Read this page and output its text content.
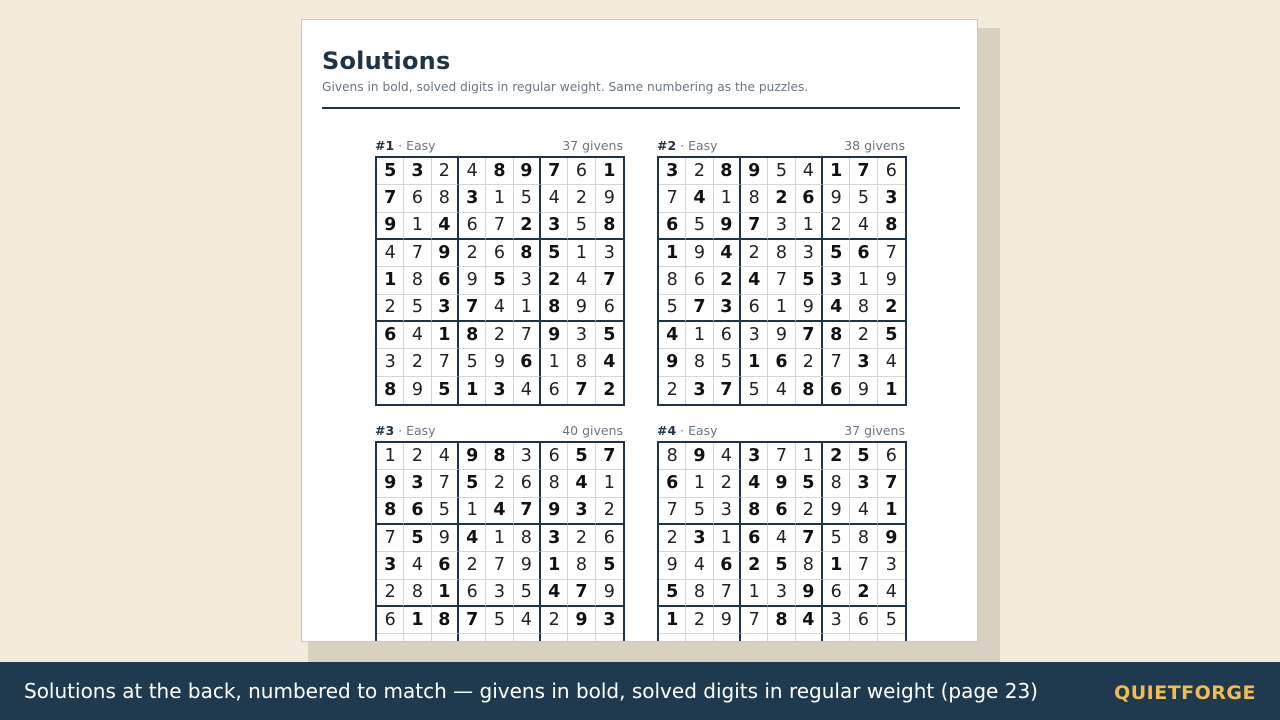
Solutions
Givens in bold, solved digits in regular weight. Same numbering as the puzzles.
#1 · Easy	37 givens
5 3 2 4 8 9 7 6 1
7 6 8 3 1 5 4 2 9
9 1 4 6 7 2 3 5 8
4 7 9 2 6 8 5 1 3
1 8 6 9 5 3 2 4 7
2 5 3 7 4 1 8 9 6
6 4 1 8 2 7 9 3 5
3 2 7 5 9 6 1 8 4
8 9 5 1 3 4 6 7 2
#2 · Easy	38 givens
3 2 8 9 5 4 1 7 6
7 4 1 8 2 6 9 5 3
6 5 9 7 3 1 2 4 8
1 9 4 2 8 3 5 6 7
8 6 2 4 7 5 3 1 9
5 7 3 6 1 9 4 8 2
4 1 6 3 9 7 8 2 5
9 8 5 1 6 2 7 3 4
2 3 7 5 4 8 6 9 1
#3 · Easy	40 givens
1 2 4 9 8 3 6 5 7
9 3 7 5 2 6 8 4 1
8 6 5 1 4 7 9 3 2
7 5 9 4 1 8 3 2 6
3 4 6 2 7 9 1 8 5
2 8 1 6 3 5 4 7 9
6 1 8 7 5 4 2 9 3
#4 · Easy	37 givens
8 9 4 3 7 1 2 5 6
6 1 2 4 9 5 8 3 7
7 5 3 8 6 2 9 4 1
2 3 1 6 4 7 5 8 9
9 4 6 2 5 8 1 7 3
5 8 7 1 3 9 6 2 4
1 2 9 7 8 4 3 6 5
Solutions at the back, numbered to match — givens in bold, solved digits in regular weight (page 23)	QUIETFORGE
